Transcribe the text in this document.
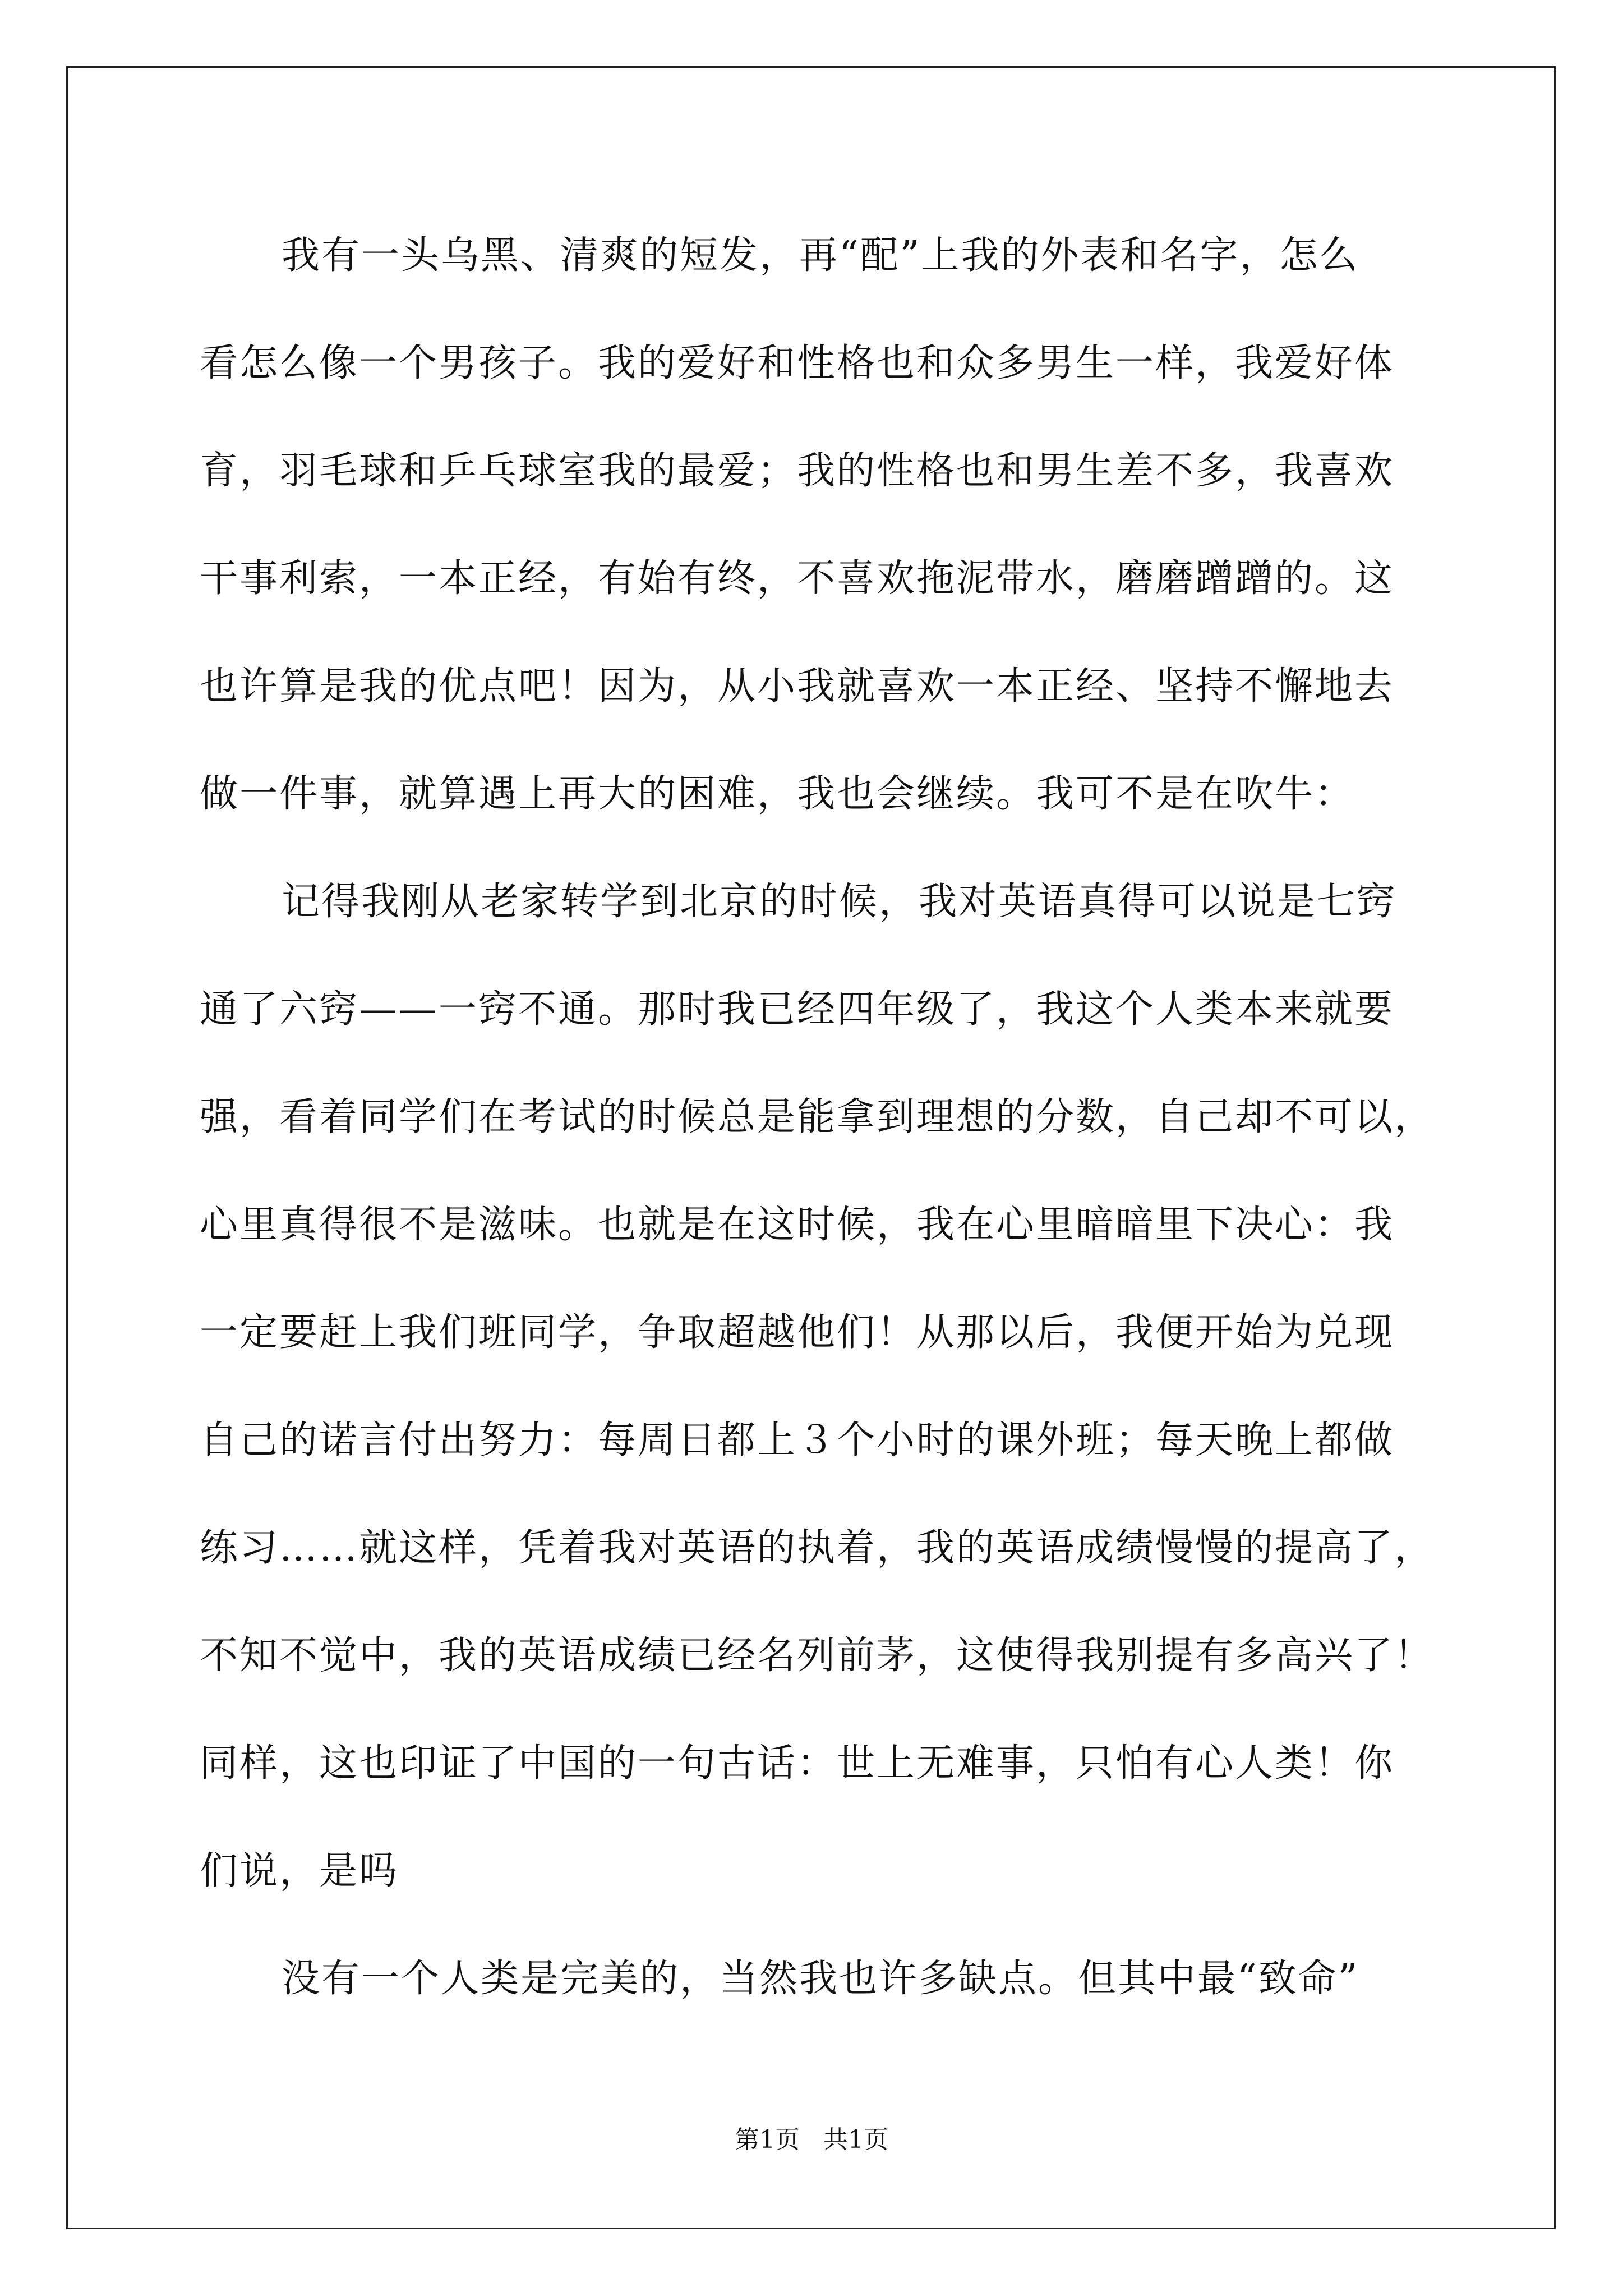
我有一头乌黑、清爽的短发，再“配”上我的外表和名字，怎么
看怎么像一个男孩子。我的爱好和性格也和众多男生一样，我爱好体
育，羽毛球和乒乓球室我的最爱；我的性格也和男生差不多，我喜欢
干事利索，一本正经，有始有终，不喜欢拖泥带水，磨磨蹭蹭的。这
也许算是我的优点吧！因为，从小我就喜欢一本正经、坚持不懈地去
做一件事，就算遇上再大的困难，我也会继续。我可不是在吹牛：
记得我刚从老家转学到北京的时候，我对英语真得可以说是七窍
通了六窍——一窍不通。那时我已经四年级了，我这个人类本来就要
强，看着同学们在考试的时候总是能拿到理想的分数，自己却不可以，
心里真得很不是滋味。也就是在这时候，我在心里暗暗里下决心：我
一定要赶上我们班同学，争取超越他们！从那以后，我便开始为兑现
自己的诺言付出努力：每周日都上３个小时的课外班；每天晚上都做
练习……就这样，凭着我对英语的执着，我的英语成绩慢慢的提高了，
不知不觉中，我的英语成绩已经名列前茅，这使得我别提有多高兴了！
同样，这也印证了中国的一句古话：世上无难事，只怕有心人类！你
们说，是吗
没有一个人类是完美的，当然我也许多缺点。但其中最“致命”
第1页   共1页
